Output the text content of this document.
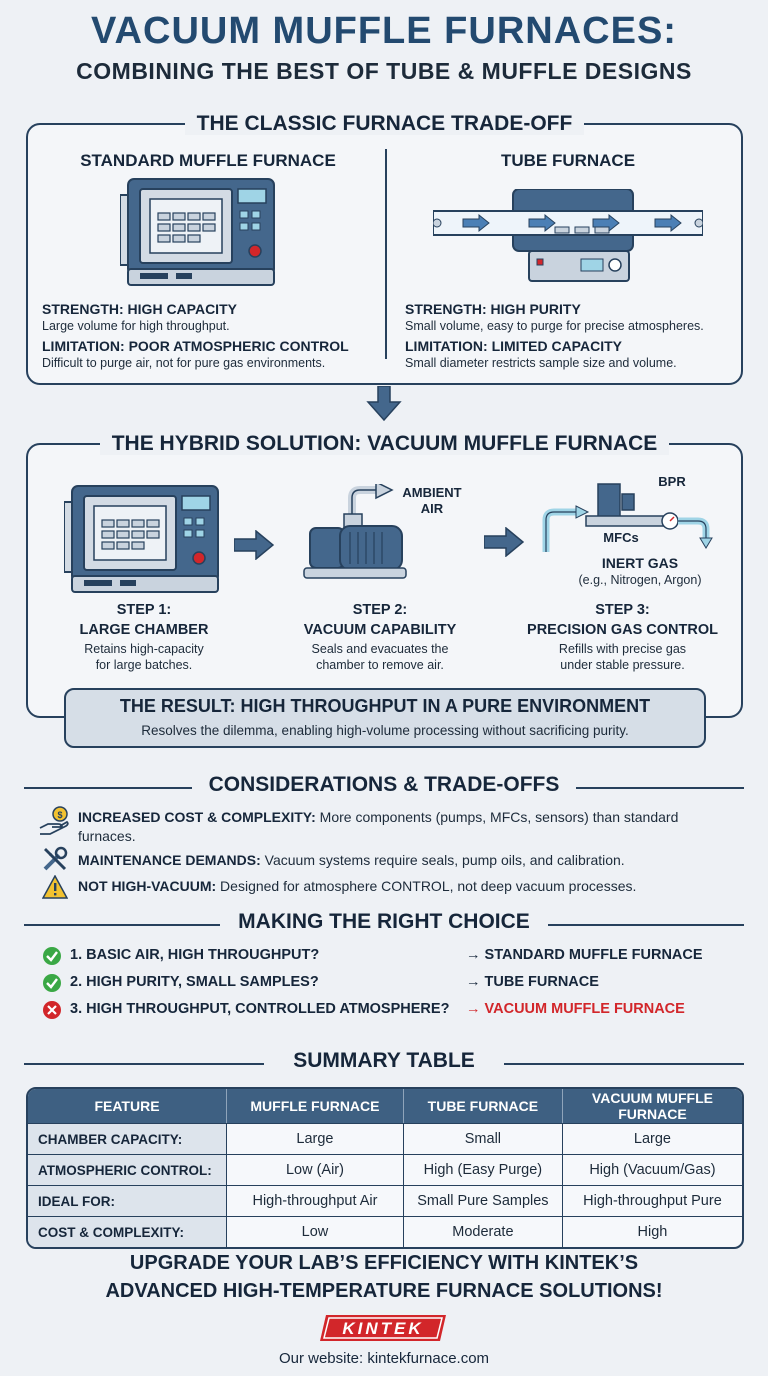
VACUUM MUFFLE FURNACES:
COMBINING THE BEST OF TUBE & MUFFLE DESIGNS
THE CLASSIC FURNACE TRADE-OFF
STANDARD MUFFLE FURNACE	TUBE FURNACE
STRENGTH: HIGH CAPACITY
Large volume for high throughput.
LIMITATION: POOR ATMOSPHERIC CONTROL
Difficult to purge air, not for pure gas environments.
STRENGTH: HIGH PURITY
Small volume, easy to purge for precise atmospheres.
LIMITATION: LIMITED CAPACITY
Small diameter restricts sample size and volume.
THE HYBRID SOLUTION: VACUUM MUFFLE FURNACE
AMBIENT AIR
BPR
MFCs
INERT GAS
(e.g., Nitrogen, Argon)
STEP 1:
LARGE CHAMBER
Retains high-capacity
for large batches.
STEP 2:
VACUUM CAPABILITY
Seals and evacuates the
chamber to remove air.
STEP 3:
PRECISION GAS CONTROL
Refills with precise gas
under stable pressure.
THE RESULT: HIGH THROUGHPUT IN A PURE ENVIRONMENT
Resolves the dilemma, enabling high-volume processing without sacrificing purity.
CONSIDERATIONS & TRADE-OFFS
$ INCREASED COST & COMPLEXITY: More components (pumps, MFCs, sensors) than standard furnaces.
MAINTENANCE DEMANDS: Vacuum systems require seals, pump oils, and calibration.
NOT HIGH-VACUUM: Designed for atmosphere CONTROL, not deep vacuum processes.
MAKING THE RIGHT CHOICE
1. BASIC AIR, HIGH THROUGHPUT?	→ STANDARD MUFFLE FURNACE
2. HIGH PURITY, SMALL SAMPLES?	→ TUBE FURNACE
3. HIGH THROUGHPUT, CONTROLLED ATMOSPHERE? → VACUUM MUFFLE FURNACE
SUMMARY TABLE
FEATURE	MUFFLE FURNACE	TUBE FURNACE	VACUUM MUFFLE FURNACE
CHAMBER CAPACITY:	Large	Small	Large
ATMOSPHERIC CONTROL:	Low (Air)	High (Easy Purge)	High (Vacuum/Gas)
IDEAL FOR:	High-throughput Air	Small Pure Samples	High-throughput Pure
COST & COMPLEXITY:	Low	Moderate	High
UPGRADE YOUR LAB’S EFFICIENCY WITH KINTEK’S
ADVANCED HIGH-TEMPERATURE FURNACE SOLUTIONS!
KINTEK
Our website: kintekfurnace.com
